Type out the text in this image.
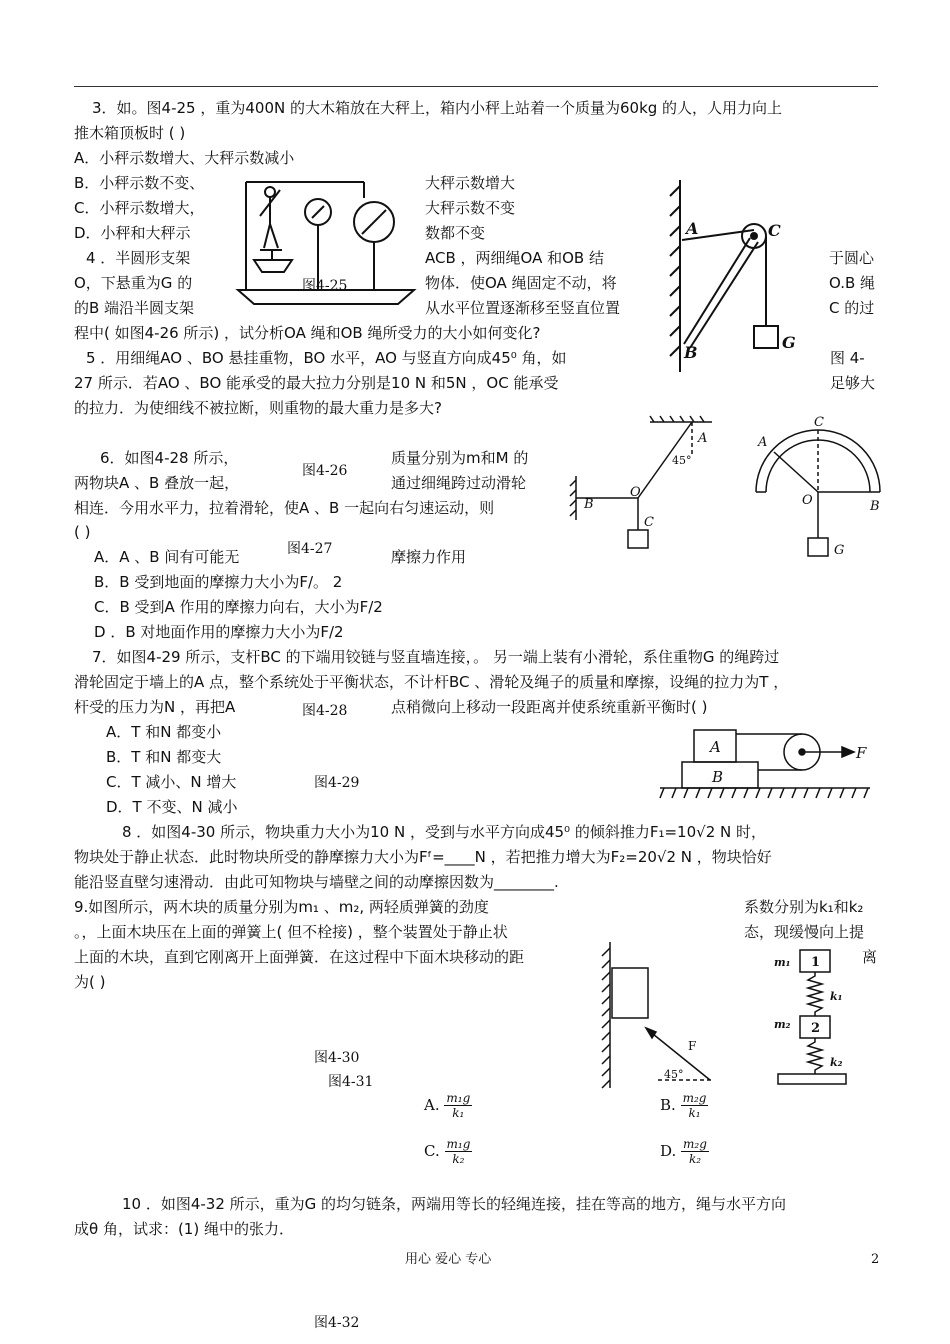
3．如。图4-25 ，重为400N 的大木箱放在大秤上，箱内小秤上站着一个质量为60kg 的人，人用力向上
推木箱顶板时 ( )
A．小秤示数增大、大秤示数减小
B．小秤示数不变、	大秤示数增大
C．小秤示数增大，	大秤示数不变
D．小秤和大秤示	数都不变
4 ．半圆形支架	ACB ，两细绳OA 和OB 结	于圆心
O，下悬重为G 的	物体．使OA 绳固定不动，将	O.B 绳
的B 端沿半圆支架	从水平位置逐渐移至竖直位置	C 的过
程中( 如图4-26 所示) ，试分析OA 绳和OB 绳所受力的大小如何变化?
5 ．用细绳AO 、BO 悬挂重物，BO 水平，AO 与竖直方向成45⁰ 角，如	图 4-
27 所示．若AO 、BO 能承受的最大拉力分别是10 N 和5N ，OC 能承受	足够大
的拉力．为使细线不被拉断，则重物的最大重力是多大?
6．如图4-28 所示，	质量分别为m和M 的
两物块A 、B 叠放一起，	通过细绳跨过动滑轮
相连．今用水平力，拉着滑轮，使A 、B 一起向右匀速运动，则
( )
A．A 、B 间有可能无	摩擦力作用
B．B 受到地面的摩擦力大小为F/。 2
C．B 受到A 作用的摩擦力向右，大小为F/2
D ．B 对地面作用的摩擦力大小为F/2
7．如图4-29 所示，支杆BC 的下端用铰链与竖直墙连接，。 另一端上装有小滑轮，系住重物G 的绳跨过
滑轮固定于墙上的A 点，整个系统处于平衡状态，不计杆BC 、滑轮及绳子的质量和摩擦，设绳的拉力为T ，
杆受的压力为N ，再把A	点稍微向上移动一段距离并使系统重新平衡时( )
A．T 和N 都变小
B．T 和N 都变大
C．T 减小、N 增大
D．T 不变、N 减小
8 ．如图4-30 所示，物块重力大小为10 N ，受到与水平方向成45⁰ 的倾斜推力F₁=10√2 N 时，
物块处于静止状态．此时物块所受的静摩擦力大小为Fᶠ=____N ，若把推力增大为F₂=20√2 N ，物块恰好
能沿竖直壁匀速滑动．由此可知物块与墙壁之间的动摩擦因数为________.
9.如图所示，两木块的质量分别为m₁ 、m₂, 两轻质弹簧的劲度	系数分别为k₁和k₂
。，上面木块压在上面的弹簧上( 但不栓接) ，整个装置处于静止状	态，现缓慢向上提
上面的木块，直到它刚离开上面弹簧．在这过程中下面木块移动的距	离
为( )
A. $\frac{\text{m₁g}}{\text{k₁}}$	B. $\frac{\text{m₂g}}{\text{k₁}}$
C. $\frac{\text{m₁g}}{\text{k₂}}$	D. $\frac{\text{m₂g}}{\text{k₂}}$
10 ．如图4-32 所示，重为G 的均匀链条，两端用等长的轻绳连接，挂在等高的地方，绳与水平方向
成θ 角，试求：(1) 绳中的张力．
图4-25
图4-26
图4-27
图4-28
图4-29
图4-30
图4-31
图4-32
用心 爱心 专心	2
A	C
B
G
A
45°
O
B
C
C
A
O	B
G
A
B
F
F
45°
m₁ 1
k₁
m₂ 2
k₂
